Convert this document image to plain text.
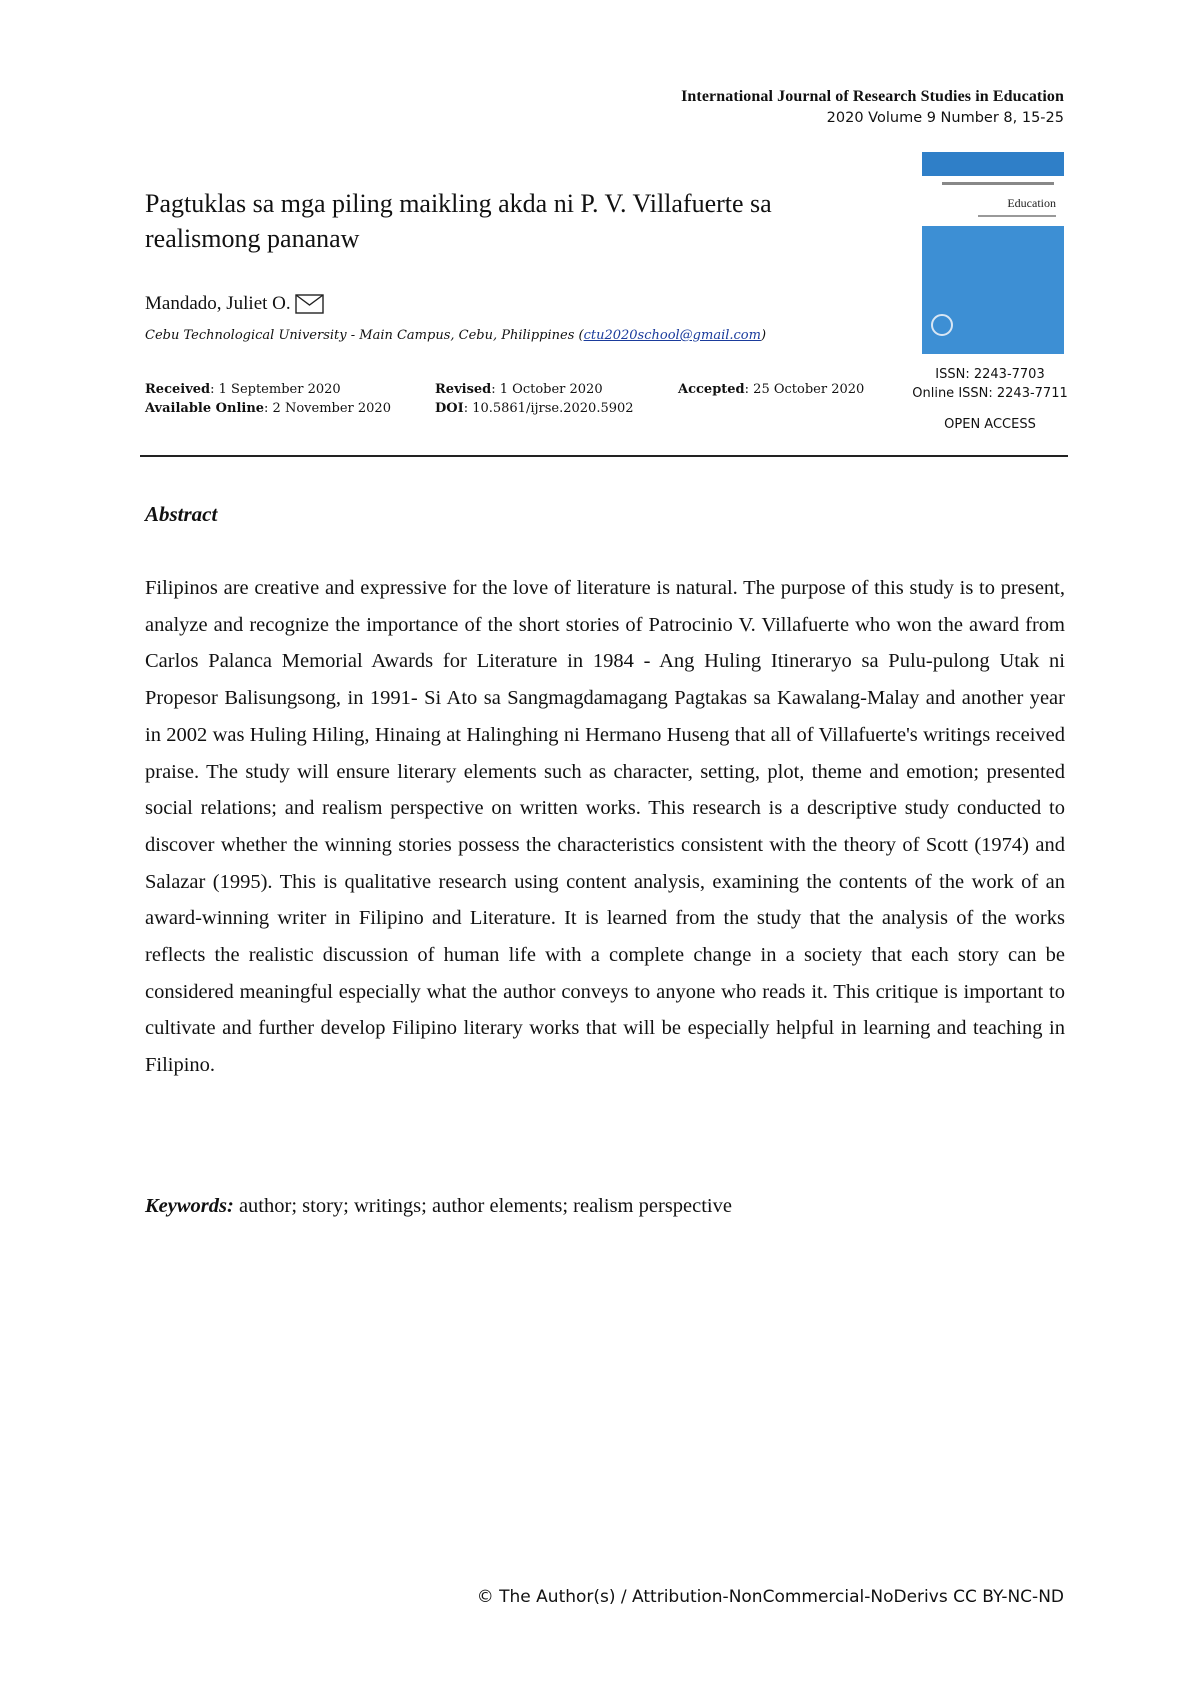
International Journal of Research Studies in Education
2020 Volume 9 Number 8, 15-25
Pagtuklas sa mga piling maikling akda ni P. V. Villafuerte sa realismong pananaw
Mandado, Juliet O.
Cebu Technological University - Main Campus, Cebu, Philippines (ctu2020school@gmail.com)
Received: 1 September 2020	Revised: 1 October 2020	Accepted: 25 October 2020
Available Online: 2 November 2020	DOI: 10.5861/ijrse.2020.5902
Education
ISSN: 2243-7703
Online ISSN: 2243-7711
OPEN ACCESS
Abstract

Filipinos are creative and expressive for the love of literature is natural. The purpose of this study is to present, analyze and recognize the importance of the short stories of Patrocinio V. Villafuerte who won the award from Carlos Palanca Memorial Awards for Literature in 1984 - Ang Huling Itineraryo sa Pulu-pulong Utak ni Propesor Balisungsong, in 1991- Si Ato sa Sangmagdamagang Pagtakas sa Kawalang-Malay and another year in 2002 was Huling Hiling, Hinaing at Halinghing ni Hermano Huseng that all of Villafuerte's writings received praise. The study will ensure literary elements such as character, setting, plot, theme and emotion; presented social relations; and realism perspective on written works. This research is a descriptive study conducted to discover whether the winning stories possess the characteristics consistent with the theory of Scott (1974) and Salazar (1995). This is qualitative research using content analysis, examining the contents of the work of an award-winning writer in Filipino and Literature. It is learned from the study that the analysis of the works reflects the realistic discussion of human life with a complete change in a society that each story can be considered meaningful especially what the author conveys to anyone who reads it. This critique is important to cultivate and further develop Filipino literary works that will be especially helpful in learning and teaching in Filipino.

Keywords: author; story; writings; author elements; realism perspective
© The Author(s) / Attribution-NonCommercial-NoDerivs CC BY-NC-ND
